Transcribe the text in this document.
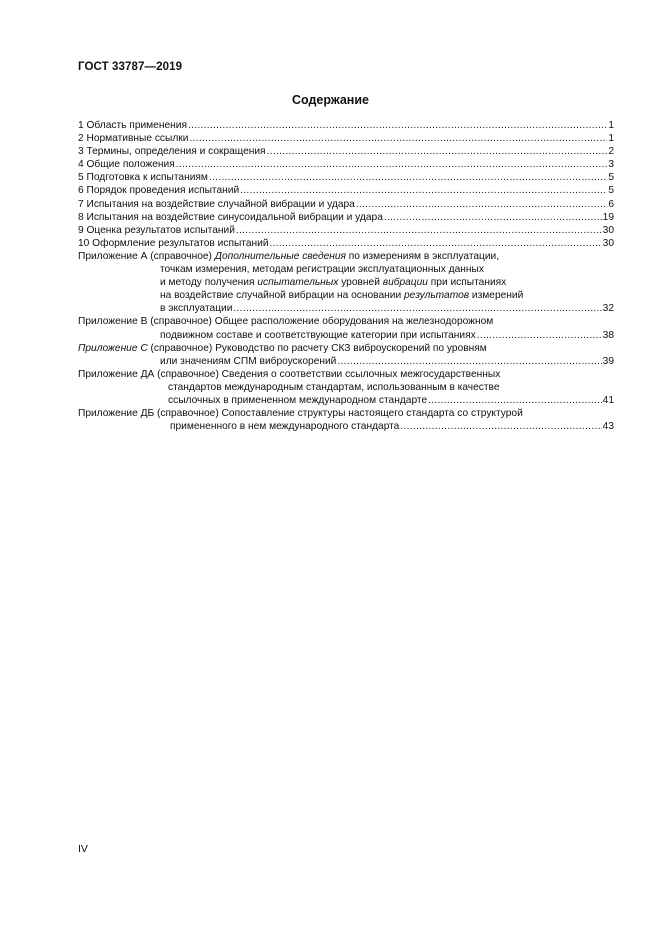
ГОСТ 33787—2019
Содержание
1 Область применения .....	1
2 Нормативные ссылки .....	1
3 Термины, определения и сокращения .....	2
4 Общие положения .....	3
5 Подготовка к испытаниям .....	5
6 Порядок проведения испытаний .....	5
7 Испытания на воздействие случайной вибрации и удара .....	6
8 Испытания на воздействие синусоидальной вибрации и удара .....	19
9 Оценка результатов испытаний .....	30
10 Оформление результатов испытаний .....	30
Приложение А (справочное) Дополнительные сведения по измерениям в эксплуатации,
точкам измерения, методам регистрации эксплуатационных данных
и методу получения испытательных уровней вибрации при испытаниях
на воздействие случайной вибрации на основании результатов измерений
в эксплуатации .....	32
Приложение В (справочное) Общее расположение оборудования на железнодорожном
подвижном составе и соответствующие категории при испытаниях .....	38
Приложение С (справочное) Руководство по расчету СКЗ виброускорений по уровням
или значениям СПМ виброускорений .....	39
Приложение ДА (справочное) Сведения о соответствии ссылочных межгосударственных
стандартов международным стандартам, использованным в качестве
ссылочных в примененном международном стандарте .....	41
Приложение ДБ (справочное) Сопоставление структуры настоящего стандарта со структурой
примененного в нем международного стандарта .....	43
IV
